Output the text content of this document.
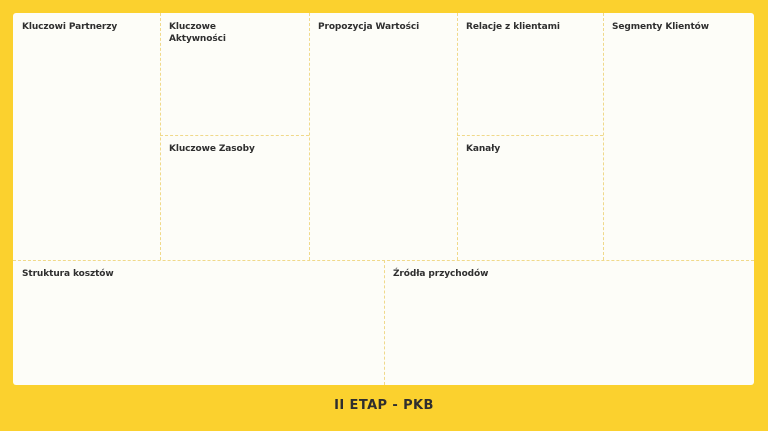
Kluczowi Partnerzy	Kluczowe
Aktywności
Kluczowe Zasoby
Propozycja Wartości	Relacje z klientami
Kanały
Segmenty Klientów
Struktura kosztów	Źródła przychodów
II ETAP - PKB
